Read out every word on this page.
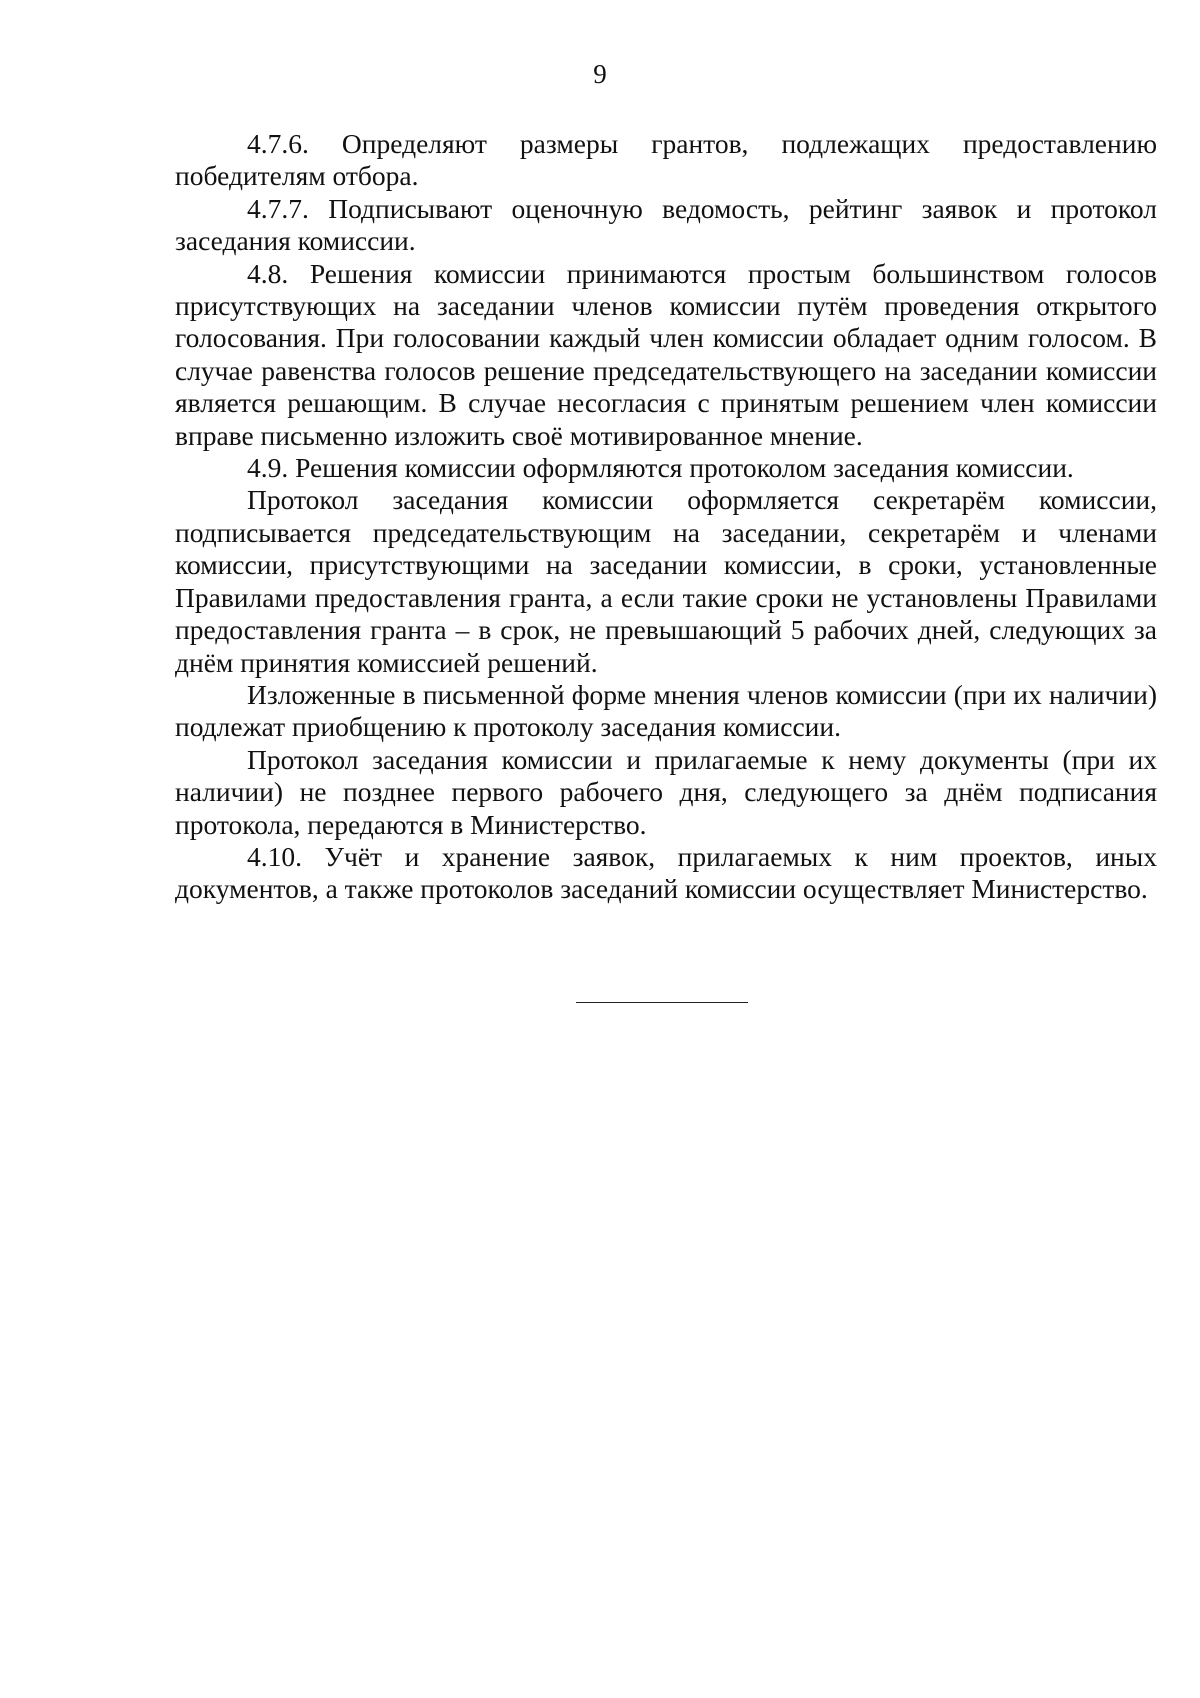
9

4.7.6. Определяют размеры грантов, подлежащих предоставлению победителям отбора.

4.7.7. Подписывают оценочную ведомость, рейтинг заявок и протокол заседания комиссии.

4.8. Решения комиссии принимаются простым большинством голосов присутствующих на заседании членов комиссии путём проведения открытого голосования. При голосовании каждый член комиссии обладает одним голосом. В случае равенства голосов решение председательствующего на заседании комиссии является решающим. В случае несогласия с принятым решением член комиссии вправе письменно изложить своё мотивированное мнение.

4.9. Решения комиссии оформляются протоколом заседания комиссии.

Протокол заседания комиссии оформляется секретарём комиссии, подписывается председательствующим на заседании, секретарём и членами комиссии, присутствующими на заседании комиссии, в сроки, установленные Правилами предоставления гранта, а если такие сроки не установлены Правилами предоставления гранта – в срок, не превышающий 5 рабочих дней, следующих за днём принятия комиссией решений.

Изложенные в письменной форме мнения членов комиссии (при их наличии) подлежат приобщению к протоколу заседания комиссии.

Протокол заседания комиссии и прилагаемые к нему документы (при их наличии) не позднее первого рабочего дня, следующего за днём подписания протокола, передаются в Министерство.

4.10. Учёт и хранение заявок, прилагаемых к ним проектов, иных документов, а также протоколов заседаний комиссии осуществляет Министерство.
